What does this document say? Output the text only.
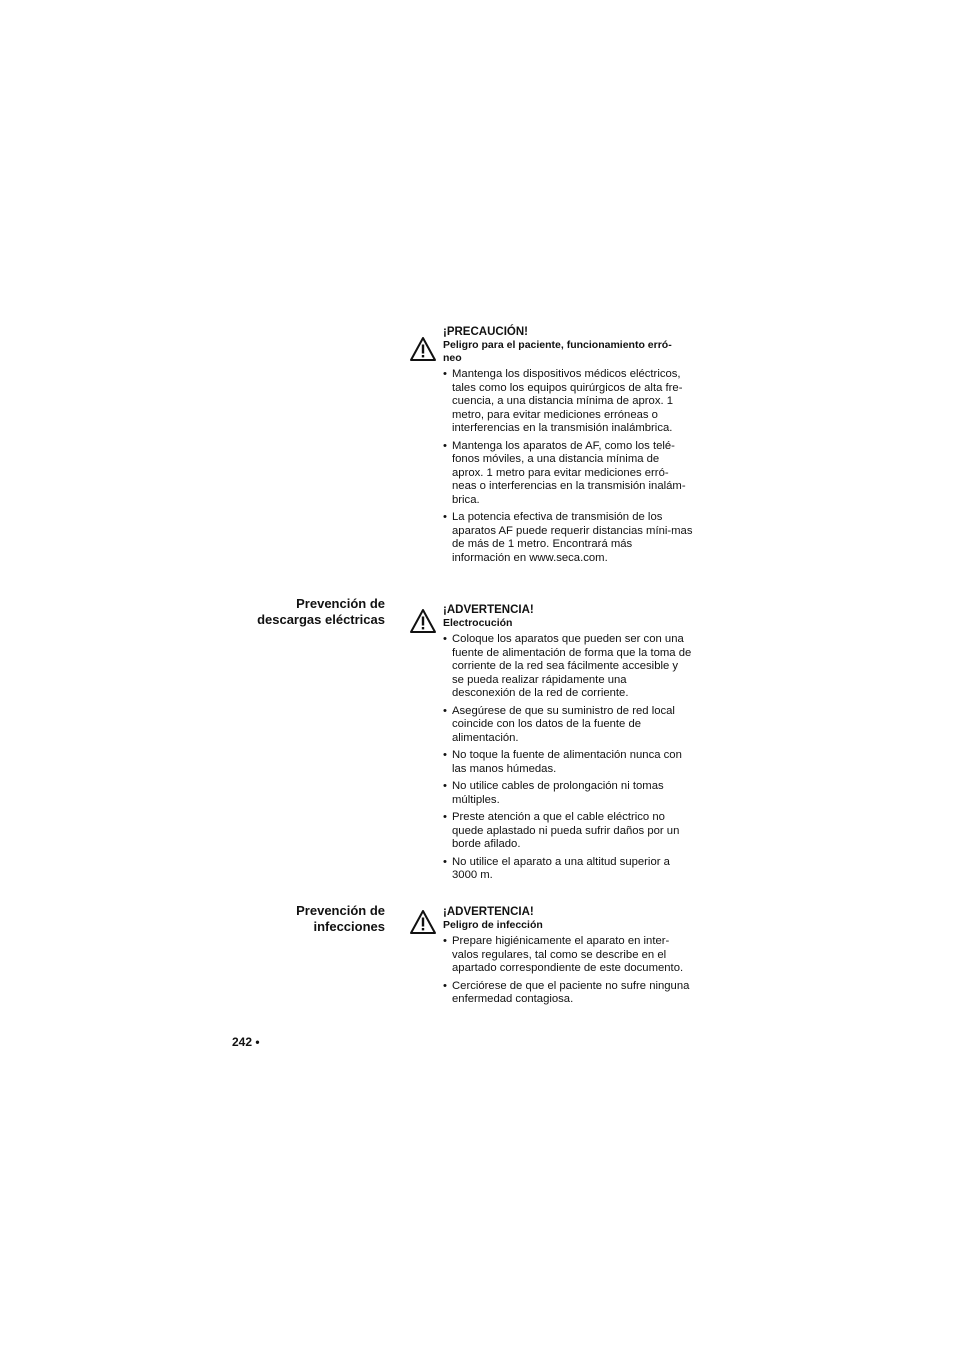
¡PRECAUCIÓN!

Peligro para el paciente, funcionamiento erró-
neo

• Mantenga los dispositivos médicos eléctricos, tales como los equipos quirúrgicos de alta fre-cuencia, a una distancia mínima de aprox. 1 metro, para evitar mediciones erróneas o interferencias en la transmisión inalámbrica.
• Mantenga los aparatos de AF, como los telé-fonos móviles, a una distancia mínima de aprox. 1 metro para evitar mediciones erró-neas o interferencias en la transmisión inalám-brica.
• La potencia efectiva de transmisión de los aparatos AF puede requerir distancias míni-mas de más de 1 metro. Encontrará más información en www.seca.com.
Prevención de
descargas eléctricas

¡ADVERTENCIA!

Electrocución

• Coloque los aparatos que pueden ser con una fuente de alimentación de forma que la toma de corriente de la red sea fácilmente accesible y se pueda realizar rápidamente una desconexión de la red de corriente.
• Asegúrese de que su suministro de red local coincide con los datos de la fuente de alimentación.
• No toque la fuente de alimentación nunca con las manos húmedas.
• No utilice cables de prolongación ni tomas múltiples.
• Preste atención a que el cable eléctrico no quede aplastado ni pueda sufrir daños por un borde afilado.
• No utilice el aparato a una altitud superior a 3000 m.
Prevención de
infecciones

¡ADVERTENCIA!

Peligro de infección

• Prepare higiénicamente el aparato en inter-valos regulares, tal como se describe en el apartado correspondiente de este documento.
• Cerciórese de que el paciente no sufre ninguna enfermedad contagiosa.
242 •
